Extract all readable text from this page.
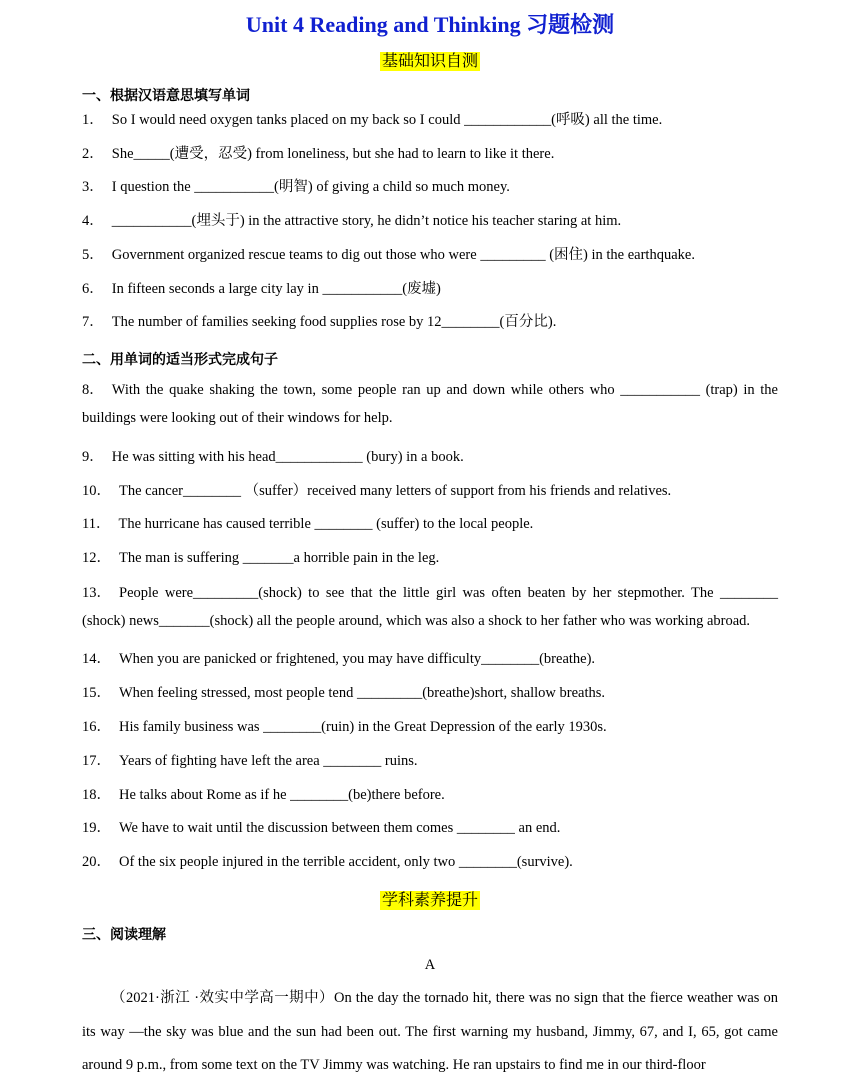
Unit 4 Reading and Thinking 习题检测
基础知识自测
一、根据汉语意思填写单词
1． So I would need oxygen tanks placed on my back so I could ____________(呼吸) all the time.
2． She_____(遭受，忍受) from loneliness, but she had to learn to like it there.
3． I question the ___________(明智) of giving a child so much money.
4． ___________(埋头于) in the attractive story, he didn’t notice his teacher staring at him.
5． Government organized rescue teams to dig out those who were _________ (困住) in the earthquake.
6． In fifteen seconds a large city lay in ___________(废墟)
7． The number of families seeking food supplies rose by 12________(百分比).
二、用单词的适当形式完成句子
8． With the quake shaking the town, some people ran up and down while others who ___________ (trap) in the buildings were looking out of their windows for help.
9． He was sitting with his head____________ (bury) in a book.
10． The cancer________ （suffer）received many letters of support from his friends and relatives.
11． The hurricane has caused terrible ________ (suffer) to the local people.
12． The man is suffering _______a horrible pain in the leg.
13． People were_________(shock) to see that the little girl was often beaten by her stepmother. The ________ (shock) news_______(shock) all the people around, which was also a shock to her father who was working abroad.
14． When you are panicked or frightened, you may have difficulty________(breathe).
15． When feeling stressed, most people tend _________(breathe)short, shallow breaths.
16． His family business was ________(ruin) in the Great Depression of the early 1930s.
17． Years of fighting have left the area ________ ruins.
18． He talks about Rome as if he ________(be)there before.
19． We have to wait until the discussion between them comes ________ an end.
20． Of the six people injured in the terrible accident, only two ________(survive).
学科素养提升
三、阅读理解
A
（2021·浙江 ·效实中学高一期中）On the day the tornado hit, there was no sign that the fierce weather was on its way —the sky was blue and the sun had been out. The first warning my husband, Jimmy, 67, and I, 65, got came around 9 p.m., from some text on the TV Jimmy was watching. He ran upstairs to find me in our third-floor
